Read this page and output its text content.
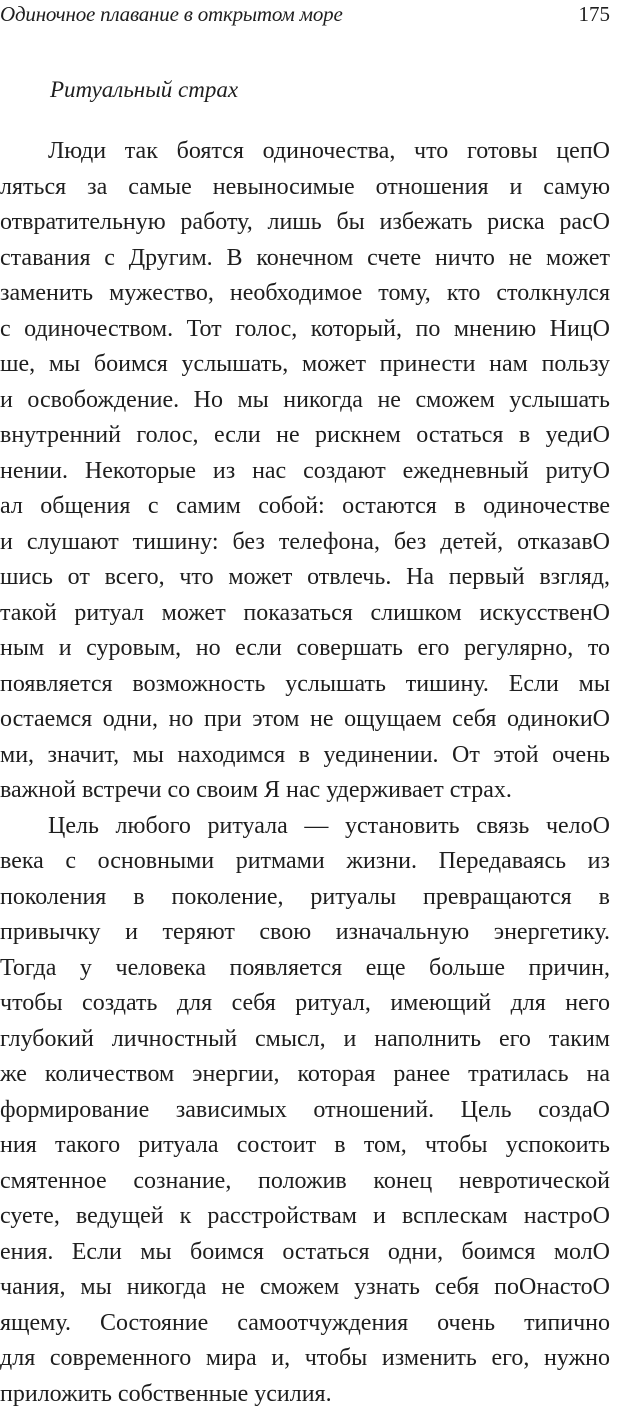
Одиночное плавание в открытом море	175
Ритуальный страх
Люди так боятся одиночества, что готовы цепО
ляться за самые невыносимые отношения и самую
отвратительную работу, лишь бы избежать риска расО
ставания с Другим. В конечном счете ничто не может
заменить мужество, необходимое тому, кто столкнулся
с одиночеством. Тот голос, который, по мнению НицО
ше, мы боимся услышать, может принести нам пользу
и освобождение. Но мы никогда не сможем услышать
внутренний голос, если не рискнем остаться в уедиО
нении. Некоторые из нас создают ежедневный ритуО
ал общения с самим собой: остаются в одиночестве
и слушают тишину: без телефона, без детей, отказавО
шись от всего, что может отвлечь. На первый взгляд,
такой ритуал может показаться слишком искусственО
ным и суровым, но если совершать его регулярно, то
появляется возможность услышать тишину. Если мы
остаемся одни, но при этом не ощущаем себя одинокиО
ми, значит, мы находимся в уединении. От этой очень
важной встречи со своим Я нас удерживает страх.
Цель любого ритуала — установить связь челоО
века с основными ритмами жизни. Передаваясь из
поколения в поколение, ритуалы превращаются в
привычку и теряют свою изначальную энергетику.
Тогда у человека появляется еще больше причин,
чтобы создать для себя ритуал, имеющий для него
глубокий личностный смысл, и наполнить его таким
же количеством энергии, которая ранее тратилась на
формирование зависимых отношений. Цель создаО
ния такого ритуала состоит в том, чтобы успокоить
смятенное сознание, положив конец невротической
суете, ведущей к расстройствам и всплескам настроО
ения. Если мы боимся остаться одни, боимся молО
чания, мы никогда не сможем узнать себя поОнастоО
ящему. Состояние самоотчуждения очень типично
для современного мира и, чтобы изменить его, нужно
приложить собственные усилия.
